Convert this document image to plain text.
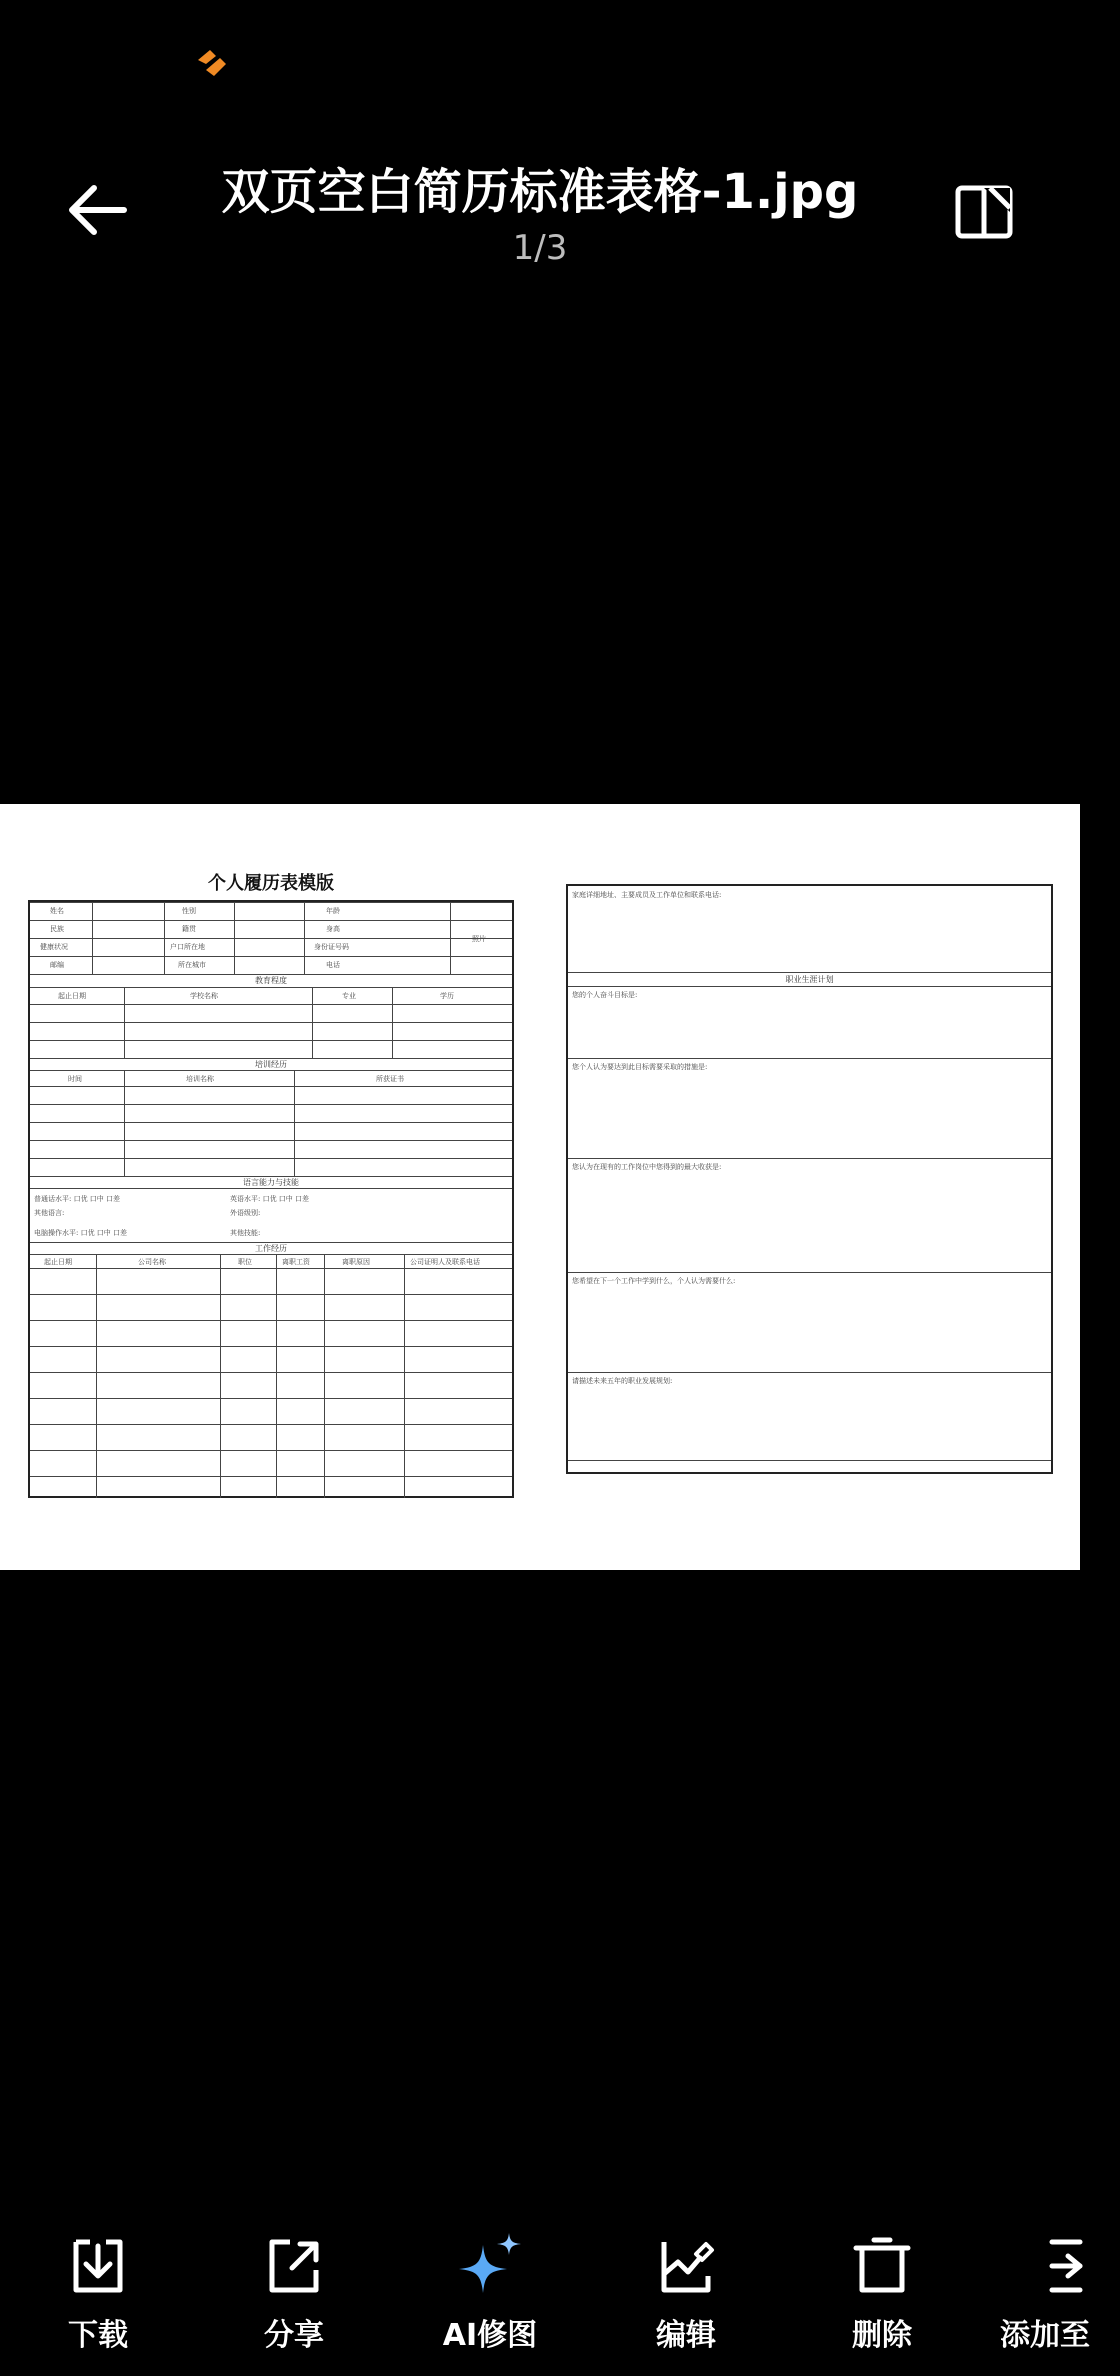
双页空白简历标准表格-1.jpg
1/3
个人履历表模版
姓名	性别	年龄
民族	籍贯	身高
健康状况	户口所在地	身份证号码
邮编	所在城市	电话
照片
教育程度
起止日期	学校名称	专业	学历
培训经历
时间	培训名称	所获证书
语言能力与技能
普通话水平: 口优 口中 口差	英语水平: 口优 口中 口差
其他语言:	外语级别:
电脑操作水平: 口优 口中 口差	其他技能:
工作经历
起止日期	公司名称	职位	离职工资	离职原因	公司证明人及联系电话
家庭详细地址、主要成员及工作单位和联系电话:
职业生涯计划
您的个人奋斗目标是:
您个人认为要达到此目标需要采取的措施是:
您认为在现有的工作岗位中您得到的最大收获是:
您希望在下一个工作中学到什么，个人认为需要什么:
请描述未来五年的职业发展规划:
下载	分享	AI修图	编辑	删除	添加至
